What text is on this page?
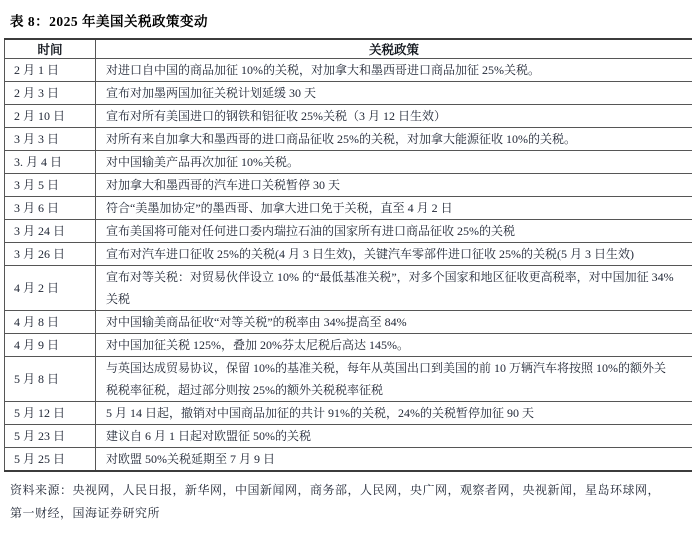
表 8：2025 年美国关税政策变动
时间	关税政策
2 月 1 日	对进口自中国的商品加征 10%的关税，对加拿大和墨西哥进口商品加征 25%关税。
2 月 3 日	宣布对加墨两国加征关税计划延缓 30 天
2 月 10 日	宣布对所有美国进口的钢铁和铝征收 25%关税（3 月 12 日生效）
3 月 3 日	对所有来自加拿大和墨西哥的进口商品征收 25%的关税，对加拿大能源征收 10%的关税。
3. 月 4 日	对中国输美产品再次加征 10%关税。
3 月 5 日	对加拿大和墨西哥的汽车进口关税暂停 30 天
3 月 6 日	符合“美墨加协定”的墨西哥、加拿大进口免于关税，直至 4 月 2 日
3 月 24 日	宣布美国将可能对任何进口委内瑞拉石油的国家所有进口商品征收 25%的关税
3 月 26 日	宣布对汽车进口征收 25%的关税(4 月 3 日生效)，关键汽车零部件进口征收 25%的关税(5 月 3 日生效)
4 月 2 日	宣布对等关税：对贸易伙伴设立 10% 的“最低基准关税”，对多个国家和地区征收更高税率，对中国加征 34%关税
4 月 8 日	对中国输美商品征收“对等关税”的税率由 34%提高至 84%
4 月 9 日	对中国加征关税 125%，叠加 20%芬太尼税后高达 145%。
5 月 8 日	与英国达成贸易协议，保留 10%的基准关税，每年从英国出口到美国的前 10 万辆汽车将按照 10%的额外关税税率征税，超过部分则按 25%的额外关税税率征税
5 月 12 日	5 月 14 日起，撤销对中国商品加征的共计 91%的关税，24%的关税暂停加征 90 天
5 月 23 日	建议自 6 月 1 日起对欧盟征 50%的关税
5 月 25 日	对欧盟 50%关税延期至 7 月 9 日
资料来源：央视网，人民日报，新华网，中国新闻网，商务部，人民网，央广网，观察者网，央视新闻，星岛环球网，
第一财经，国海证券研究所
